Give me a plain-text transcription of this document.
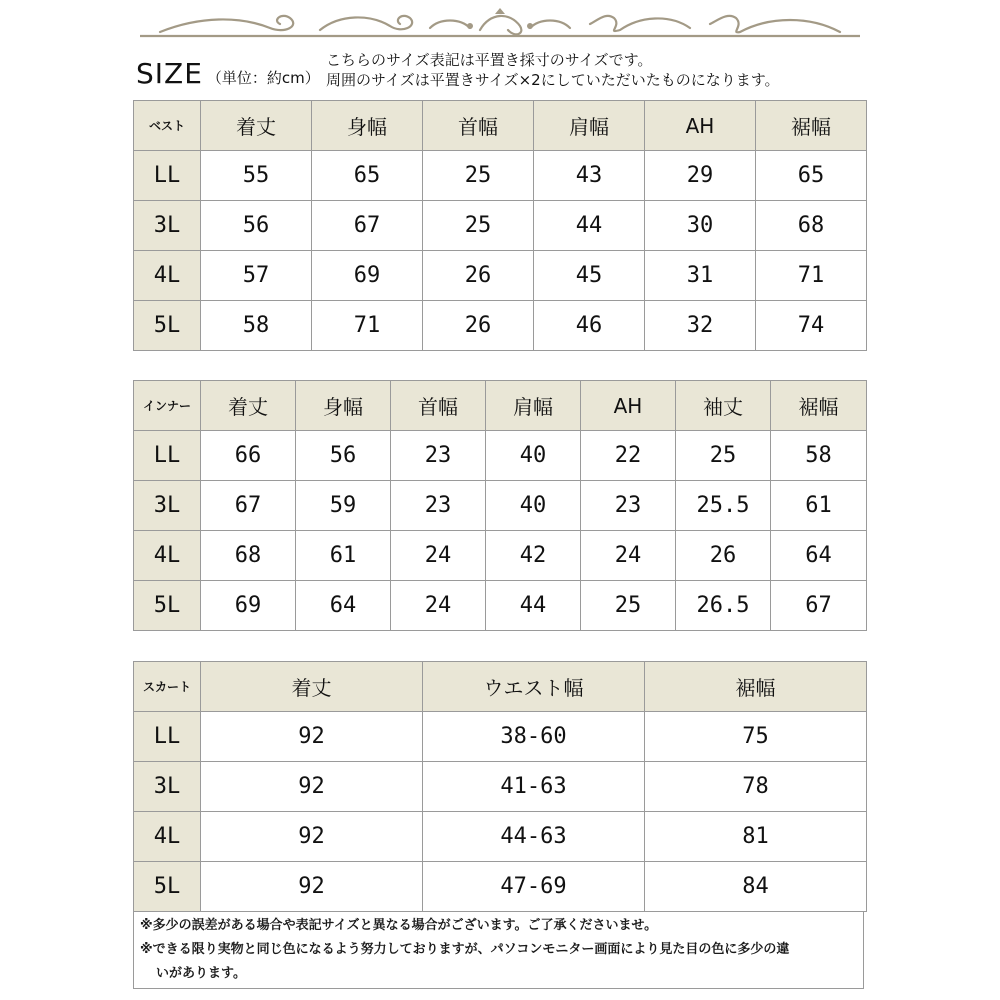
SIZE （単位：約cm）
こちらのサイズ表記は平置き採寸のサイズです。
周囲のサイズは平置きサイズ×2にしていただいたものになります。
ベスト	着丈	身幅	首幅	肩幅	AH	裾幅
LL	55	65	25	43	29	65
3L	56	67	25	44	30	68
4L	57	69	26	45	31	71
5L	58	71	26	46	32	74
インナー	着丈	身幅	首幅	肩幅	AH	袖丈	裾幅
LL	66	56	23	40	22	25	58
3L	67	59	23	40	23	25.5	61
4L	68	61	24	42	24	26	64
5L	69	64	24	44	25	26.5	67
スカート	着丈	ウエスト幅	裾幅
LL	92	38-60	75
3L	92	41-63	78
4L	92	44-63	81
5L	92	47-69	84
※多少の誤差がある場合や表記サイズと異なる場合がございます。ご了承くださいませ。
※できる限り実物と同じ色になるよう努力しておりますが、パソコンモニター画面により見た目の色に多少の違
いがあります。
